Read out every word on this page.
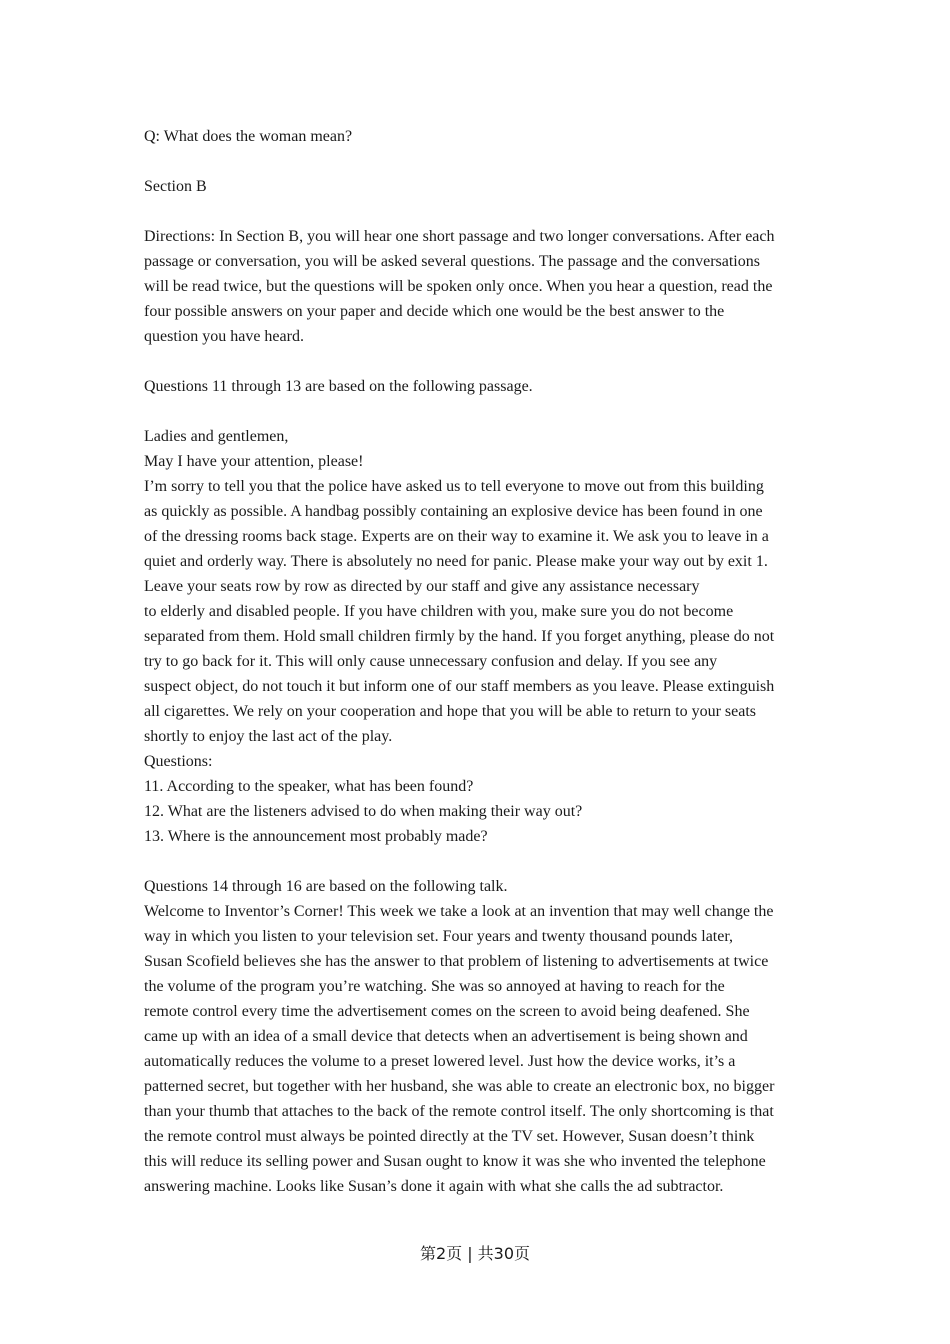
Q: What does the woman mean?
Section B
Directions: In Section B, you will hear one short passage and two longer conversations. After each
passage or conversation, you will be asked several questions. The passage and the conversations
will be read twice, but the questions will be spoken only once. When you hear a question, read the
four possible answers on your paper and decide which one would be the best answer to the
question you have heard.
Questions 11 through 13 are based on the following passage.
Ladies and gentlemen,
May I have your attention, please!
I’m sorry to tell you that the police have asked us to tell everyone to move out from this building
as quickly as possible. A handbag possibly containing an explosive device has been found in one
of the dressing rooms back stage. Experts are on their way to examine it. We ask you to leave in a
quiet and orderly way. There is absolutely no need for panic. Please make your way out by exit 1.
Leave your seats row by row as directed by our staff and give any assistance necessary
to elderly and disabled people. If you have children with you, make sure you do not become
separated from them. Hold small children firmly by the hand. If you forget anything, please do not
try to go back for it. This will only cause unnecessary confusion and delay. If you see any
suspect object, do not touch it but inform one of our staff members as you leave. Please extinguish
all cigarettes. We rely on your cooperation and hope that you will be able to return to your seats
shortly to enjoy the last act of the play.
Questions:
11. According to the speaker, what has been found?
12. What are the listeners advised to do when making their way out?
13. Where is the announcement most probably made?
Questions 14 through 16 are based on the following talk.
Welcome to Inventor’s Corner! This week we take a look at an invention that may well change the
way in which you listen to your television set. Four years and twenty thousand pounds later,
Susan Scofield believes she has the answer to that problem of listening to advertisements at twice
the volume of the program you’re watching. She was so annoyed at having to reach for the
remote control every time the advertisement comes on the screen to avoid being deafened. She
came up with an idea of a small device that detects when an advertisement is being shown and
automatically reduces the volume to a preset lowered level. Just how the device works, it’s a
patterned secret, but together with her husband, she was able to create an electronic box, no bigger
than your thumb that attaches to the back of the remote control itself. The only shortcoming is that
the remote control must always be pointed directly at the TV set. However, Susan doesn’t think
this will reduce its selling power and Susan ought to know it was she who invented the telephone
answering machine. Looks like Susan’s done it again with what she calls the ad subtractor.
第2页 | 共30页
